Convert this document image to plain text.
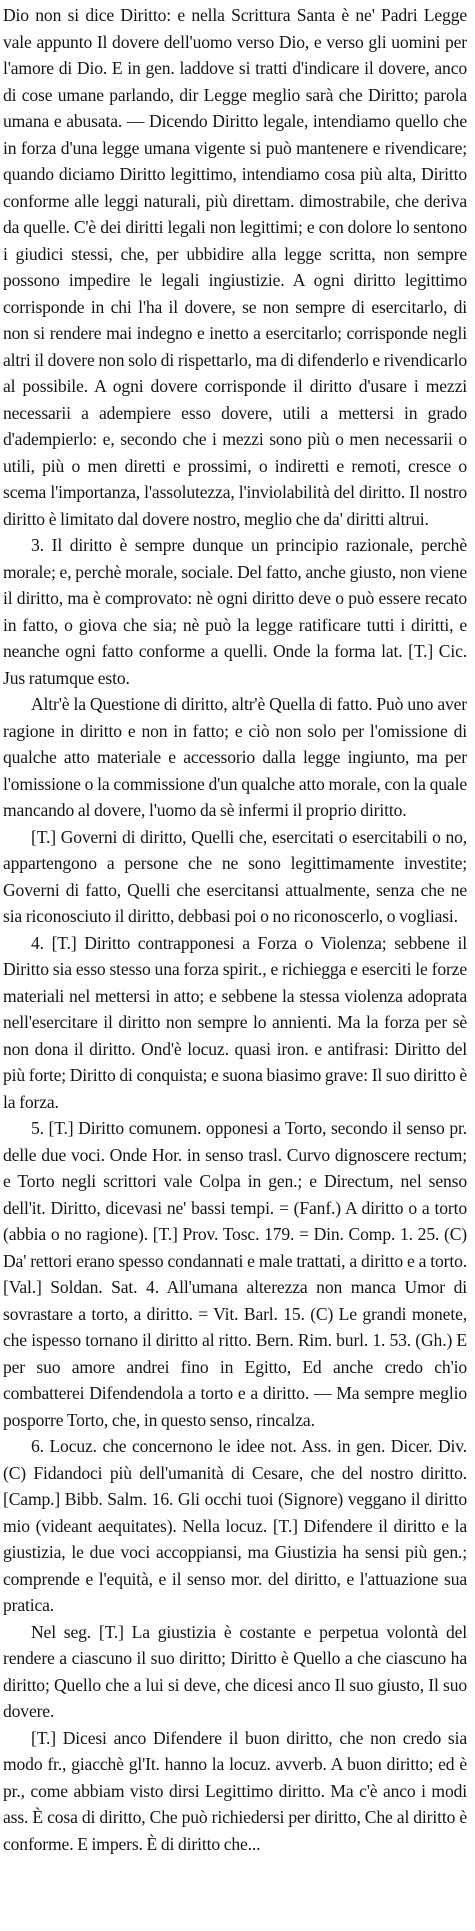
Dio non si dice Diritto: e nella Scrittura Santa è ne' Padri Legge vale appunto Il dovere dell'uomo verso Dio, e verso gli uomini per l'amore di Dio. E in gen. laddove si tratti d'indicare il dovere, anco di cose umane parlando, dir Legge meglio sarà che Diritto; parola umana e abusata. — Dicendo Diritto legale, intendiamo quello che in forza d'una legge umana vigente si può mantenere e rivendicare; quando diciamo Diritto legittimo, intendiamo cosa più alta, Diritto conforme alle leggi naturali, più direttam. dimostrabile, che deriva da quelle. C'è dei diritti legali non legittimi; e con dolore lo sentono i giudici stessi, che, per ubbidire alla legge scritta, non sempre possono impedire le legali ingiustizie. A ogni diritto legittimo corrisponde in chi l'ha il dovere, se non sempre di esercitarlo, di non si rendere mai indegno e inetto a esercitarlo; corrisponde negli altri il dovere non solo di rispettarlo, ma di difenderlo e rivendicarlo al possibile. A ogni dovere corrisponde il diritto d'usare i mezzi necessarii a adempiere esso dovere, utili a mettersi in grado d'adempierlo: e, secondo che i mezzi sono più o men necessarii o utili, più o men diretti e prossimi, o indiretti e remoti, cresce o scema l'importanza, l'assolutezza, l'inviolabilità del diritto. Il nostro diritto è limitato dal dovere nostro, meglio che da' diritti altrui.

3. Il diritto è sempre dunque un principio razionale, perchè morale; e, perchè morale, sociale. Del fatto, anche giusto, non viene il diritto, ma è comprovato: nè ogni diritto deve o può essere recato in fatto, o giova che sia; nè può la legge ratificare tutti i diritti, e neanche ogni fatto conforme a quelli. Onde la forma lat. [T.] Cic. Jus ratumque esto.

Altr'è la Questione di diritto, altr'è Quella di fatto. Può uno aver ragione in diritto e non in fatto; e ciò non solo per l'omissione di qualche atto materiale e accessorio dalla legge ingiunto, ma per l'omissione o la commissione d'un qualche atto morale, con la quale mancando al dovere, l'uomo da sè infermi il proprio diritto.

[T.] Governi di diritto, Quelli che, esercitati o esercitabili o no, appartengono a persone che ne sono legittimamente investite; Governi di fatto, Quelli che esercitansi attualmente, senza che ne sia riconosciuto il diritto, debbasi poi o no riconoscerlo, o vogliasi.

4. [T.] Diritto contrapponesi a Forza o Violenza; sebbene il Diritto sia esso stesso una forza spirit., e richiegga e eserciti le forze materiali nel mettersi in atto; e sebbene la stessa violenza adoprata nell'esercitare il diritto non sempre lo annienti. Ma la forza per sè non dona il diritto. Ond'è locuz. quasi iron. e antifrasi: Diritto del più forte; Diritto di conquista; e suona biasimo grave: Il suo diritto è la forza.

5. [T.] Diritto comunem. opponesi a Torto, secondo il senso pr. delle due voci. Onde Hor. in senso trasl. Curvo dignoscere rectum; e Torto negli scrittori vale Colpa in gen.; e Directum, nel senso dell'it. Diritto, dicevasi ne' bassi tempi. = (Fanf.) A diritto o a torto (abbia o no ragione). [T.] Prov. Tosc. 179. = Din. Comp. 1. 25. (C) Da' rettori erano spesso condannati e male trattati, a diritto e a torto. [Val.] Soldan. Sat. 4. All'umana alterezza non manca Umor di sovrastare a torto, a diritto. = Vit. Barl. 15. (C) Le grandi monete, che ispesso tornano il diritto al ritto. Bern. Rim. burl. 1. 53. (Gh.) E per suo amore andrei fino in Egitto, Ed anche credo ch'io combatterei Difendendola a torto e a diritto. — Ma sempre meglio posporre Torto, che, in questo senso, rincalza.

6. Locuz. che concernono le idee not. Ass. in gen. Dicer. Div. (C) Fidandoci più dell'umanità di Cesare, che del nostro diritto. [Camp.] Bibb. Salm. 16. Gli occhi tuoi (Signore) veggano il diritto mio (videant aequitates). Nella locuz. [T.] Difendere il diritto e la giustizia, le due voci accoppiansi, ma Giustizia ha sensi più gen.; comprende e l'equità, e il senso mor. del diritto, e l'attuazione sua pratica.

Nel seg. [T.] La giustizia è costante e perpetua volontà del rendere a ciascuno il suo diritto; Diritto è Quello a che ciascuno ha diritto; Quello che a lui si deve, che dicesi anco Il suo giusto, Il suo dovere.

[T.] Dicesi anco Difendere il buon diritto, che non credo sia modo fr., giacchè gl'It. hanno la locuz. avverb. A buon diritto; ed è pr., come abbiam visto dirsi Legittimo diritto. Ma c'è anco i modi ass. È cosa di diritto, Che può richiedersi per diritto, Che al diritto è conforme. E impers. È di diritto che...
